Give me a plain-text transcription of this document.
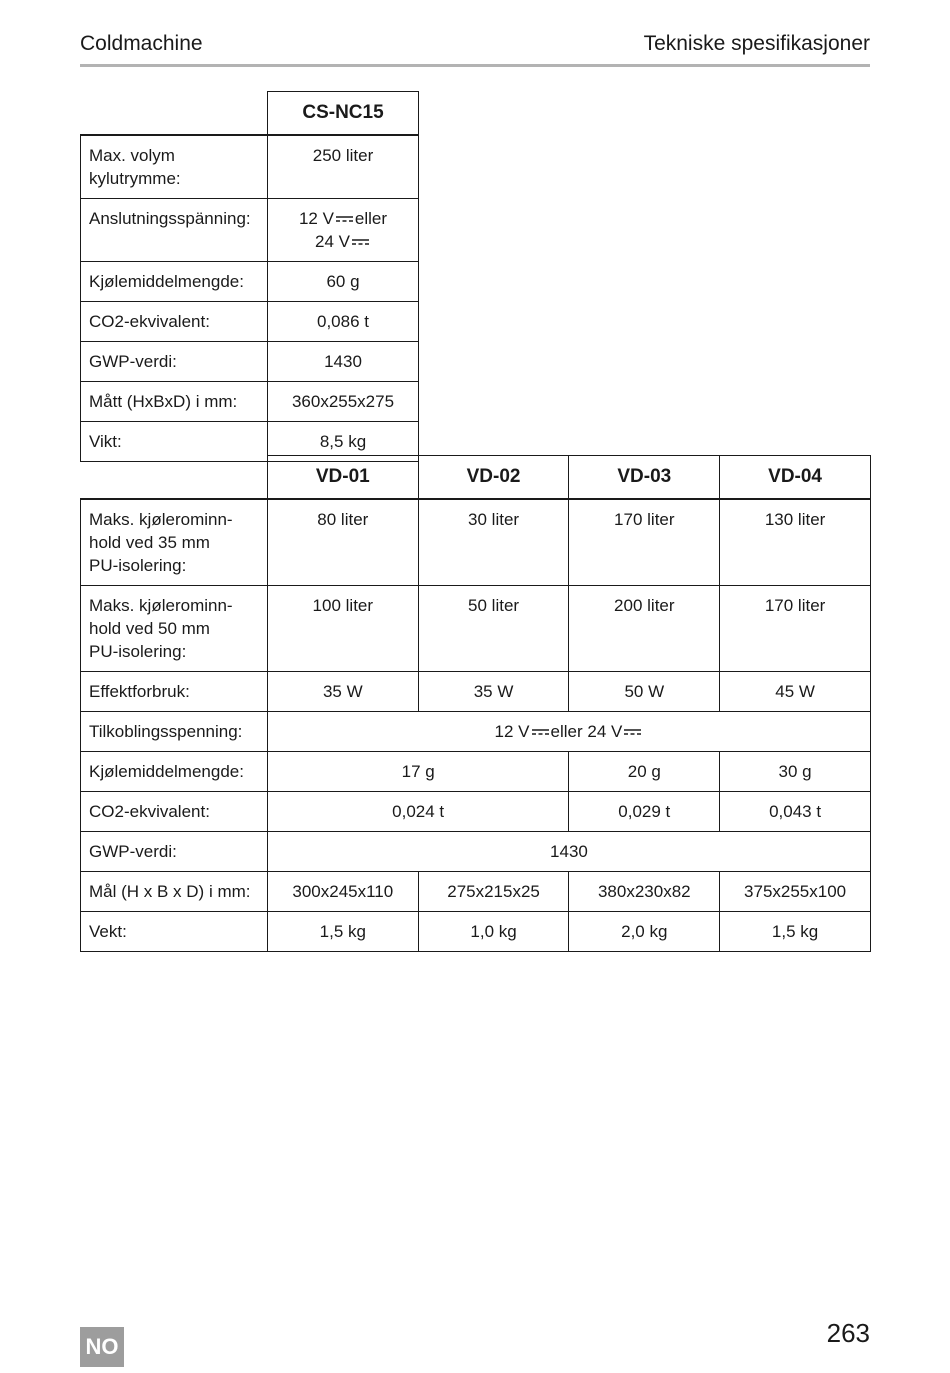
Coldmachine	Tekniske spesifikasjoner
	CS-NC15
Max. volym
kylutrymme:	250 liter
Anslutningsspänning:	12 V eller
24 V

Kjølemiddelmengde:	60 g
CO2-ekvivalent:	0,086 t
GWP-verdi:	1430
Mått (HxBxD) i mm:	360x255x275
Vikt:	8,5 kg
	VD-01	VD-02	VD-03	VD-04
Maks. kjølerominn-
hold ved 35 mm
PU-isolering:	80 liter	30 liter	170 liter	130 liter
Maks. kjølerominn-
hold ved 50 mm
PU-isolering:	100 liter	50 liter	200 liter	170 liter
Effektforbruk:	35 W	35 W	50 W	45 W
Tilkoblingsspenning:	12 V eller 24 V			

Kjølemiddelmengde:	17 g		20 g	30 g
CO2-ekvivalent:	0,024 t		0,029 t	0,043 t
GWP-verdi:	1430			
Mål (H x B x D) i mm:	300x245x110	275x215x25	380x230x82	375x255x100
Vekt:	1,5 kg	1,0 kg	2,0 kg	1,5 kg
NO	263
